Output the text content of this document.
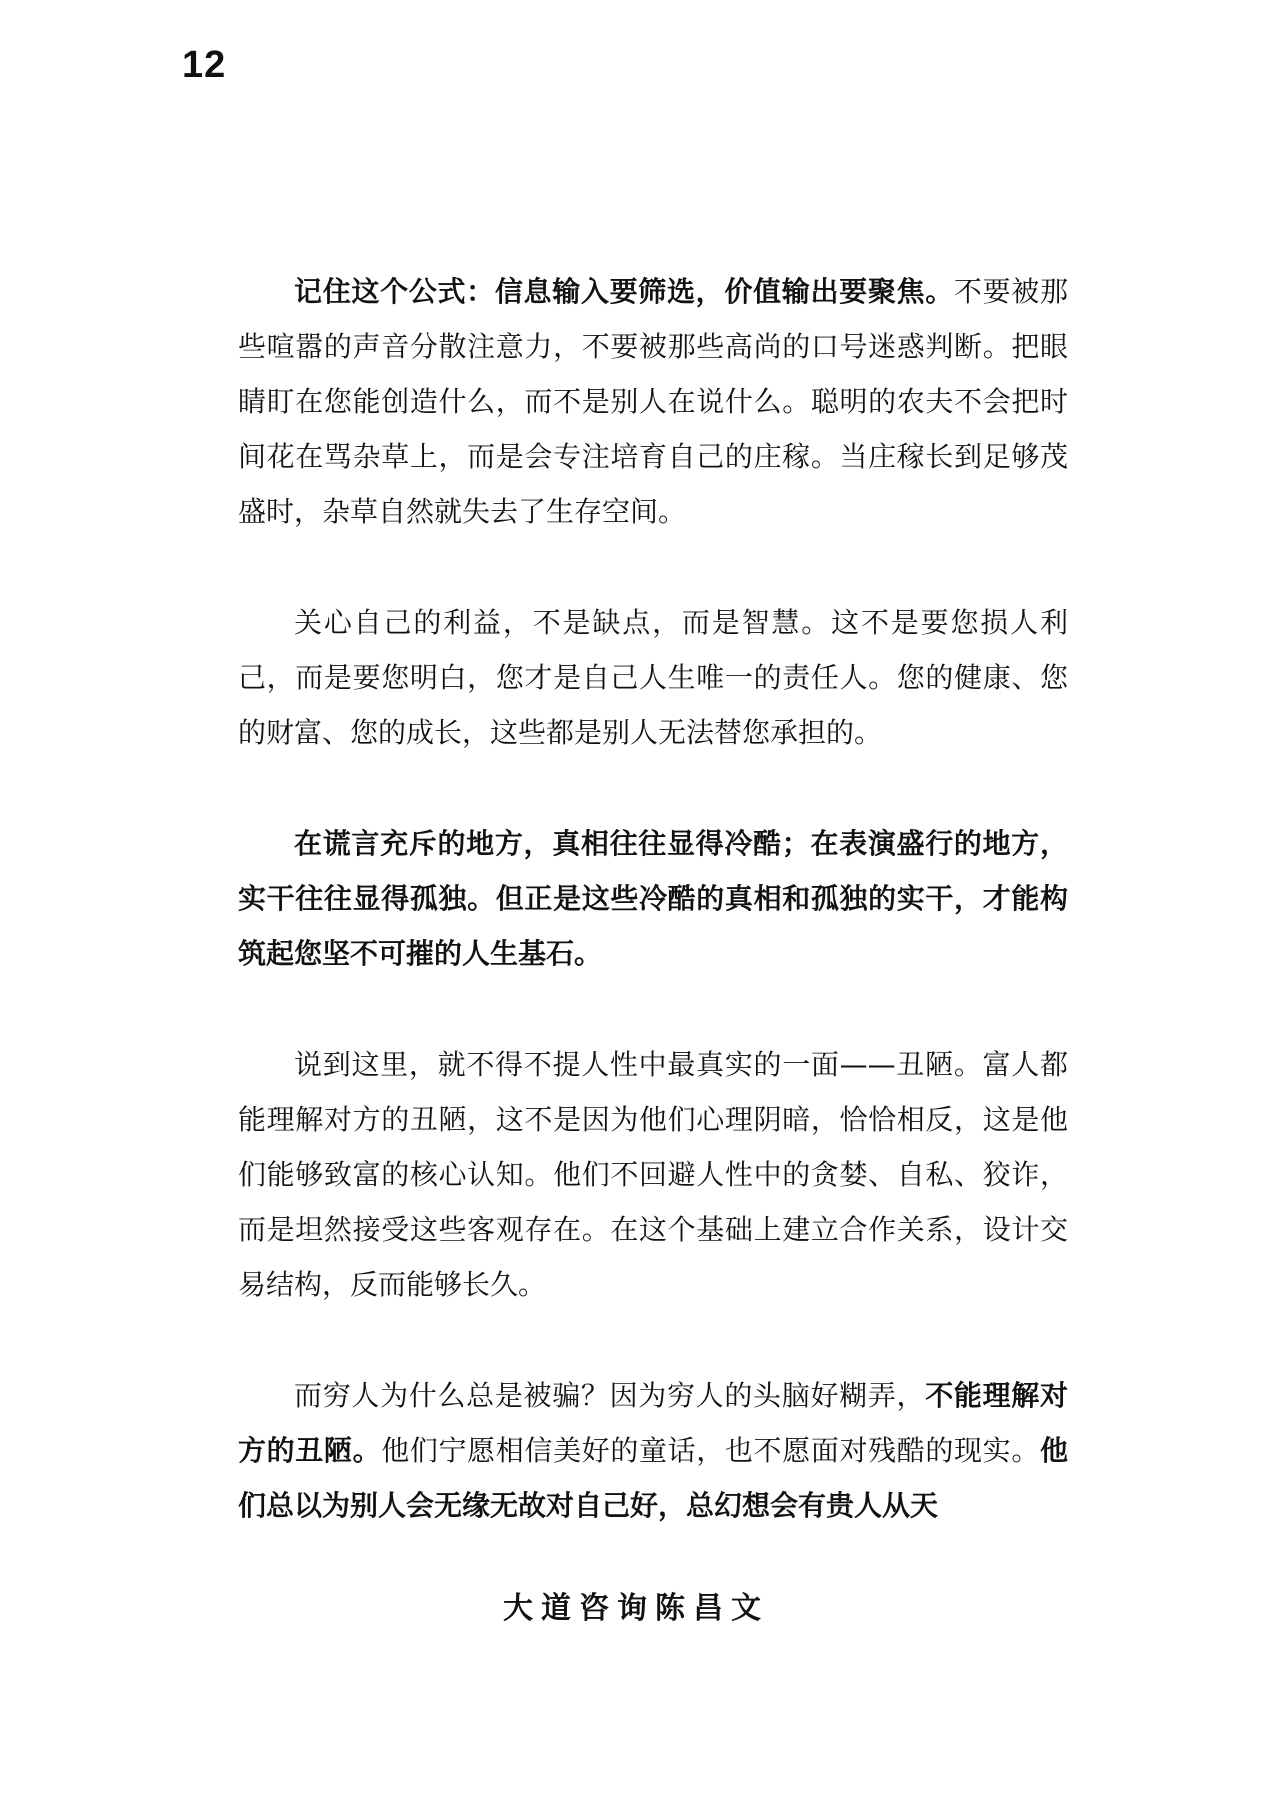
12

记住这个公式：信息输入要筛选，价值输出要聚焦。不要被那些喧嚣的声音分散注意力，不要被那些高尚的口号迷惑判断。把眼睛盯在您能创造什么，而不是别人在说什么。聪明的农夫不会把时间花在骂杂草上，而是会专注培育自己的庄稼。当庄稼长到足够茂盛时，杂草自然就失去了生存空间。

关心自己的利益，不是缺点，而是智慧。这不是要您损人利己，而是要您明白，您才是自己人生唯一的责任人。您的健康、您的财富、您的成长，这些都是别人无法替您承担的。

在谎言充斥的地方，真相往往显得冷酷；在表演盛行的地方，实干往往显得孤独。但正是这些冷酷的真相和孤独的实干，才能构筑起您坚不可摧的人生基石。

说到这里，就不得不提人性中最真实的一面——丑陋。富人都能理解对方的丑陋，这不是因为他们心理阴暗，恰恰相反，这是他们能够致富的核心认知。他们不回避人性中的贪婪、自私、狡诈，而是坦然接受这些客观存在。在这个基础上建立合作关系，设计交易结构，反而能够长久。

而穷人为什么总是被骗？因为穷人的头脑好糊弄，不能理解对方的丑陋。他们宁愿相信美好的童话，也不愿面对残酷的现实。他们总以为别人会无缘无故对自己好，总幻想会有贵人从天

大道咨询陈昌文
